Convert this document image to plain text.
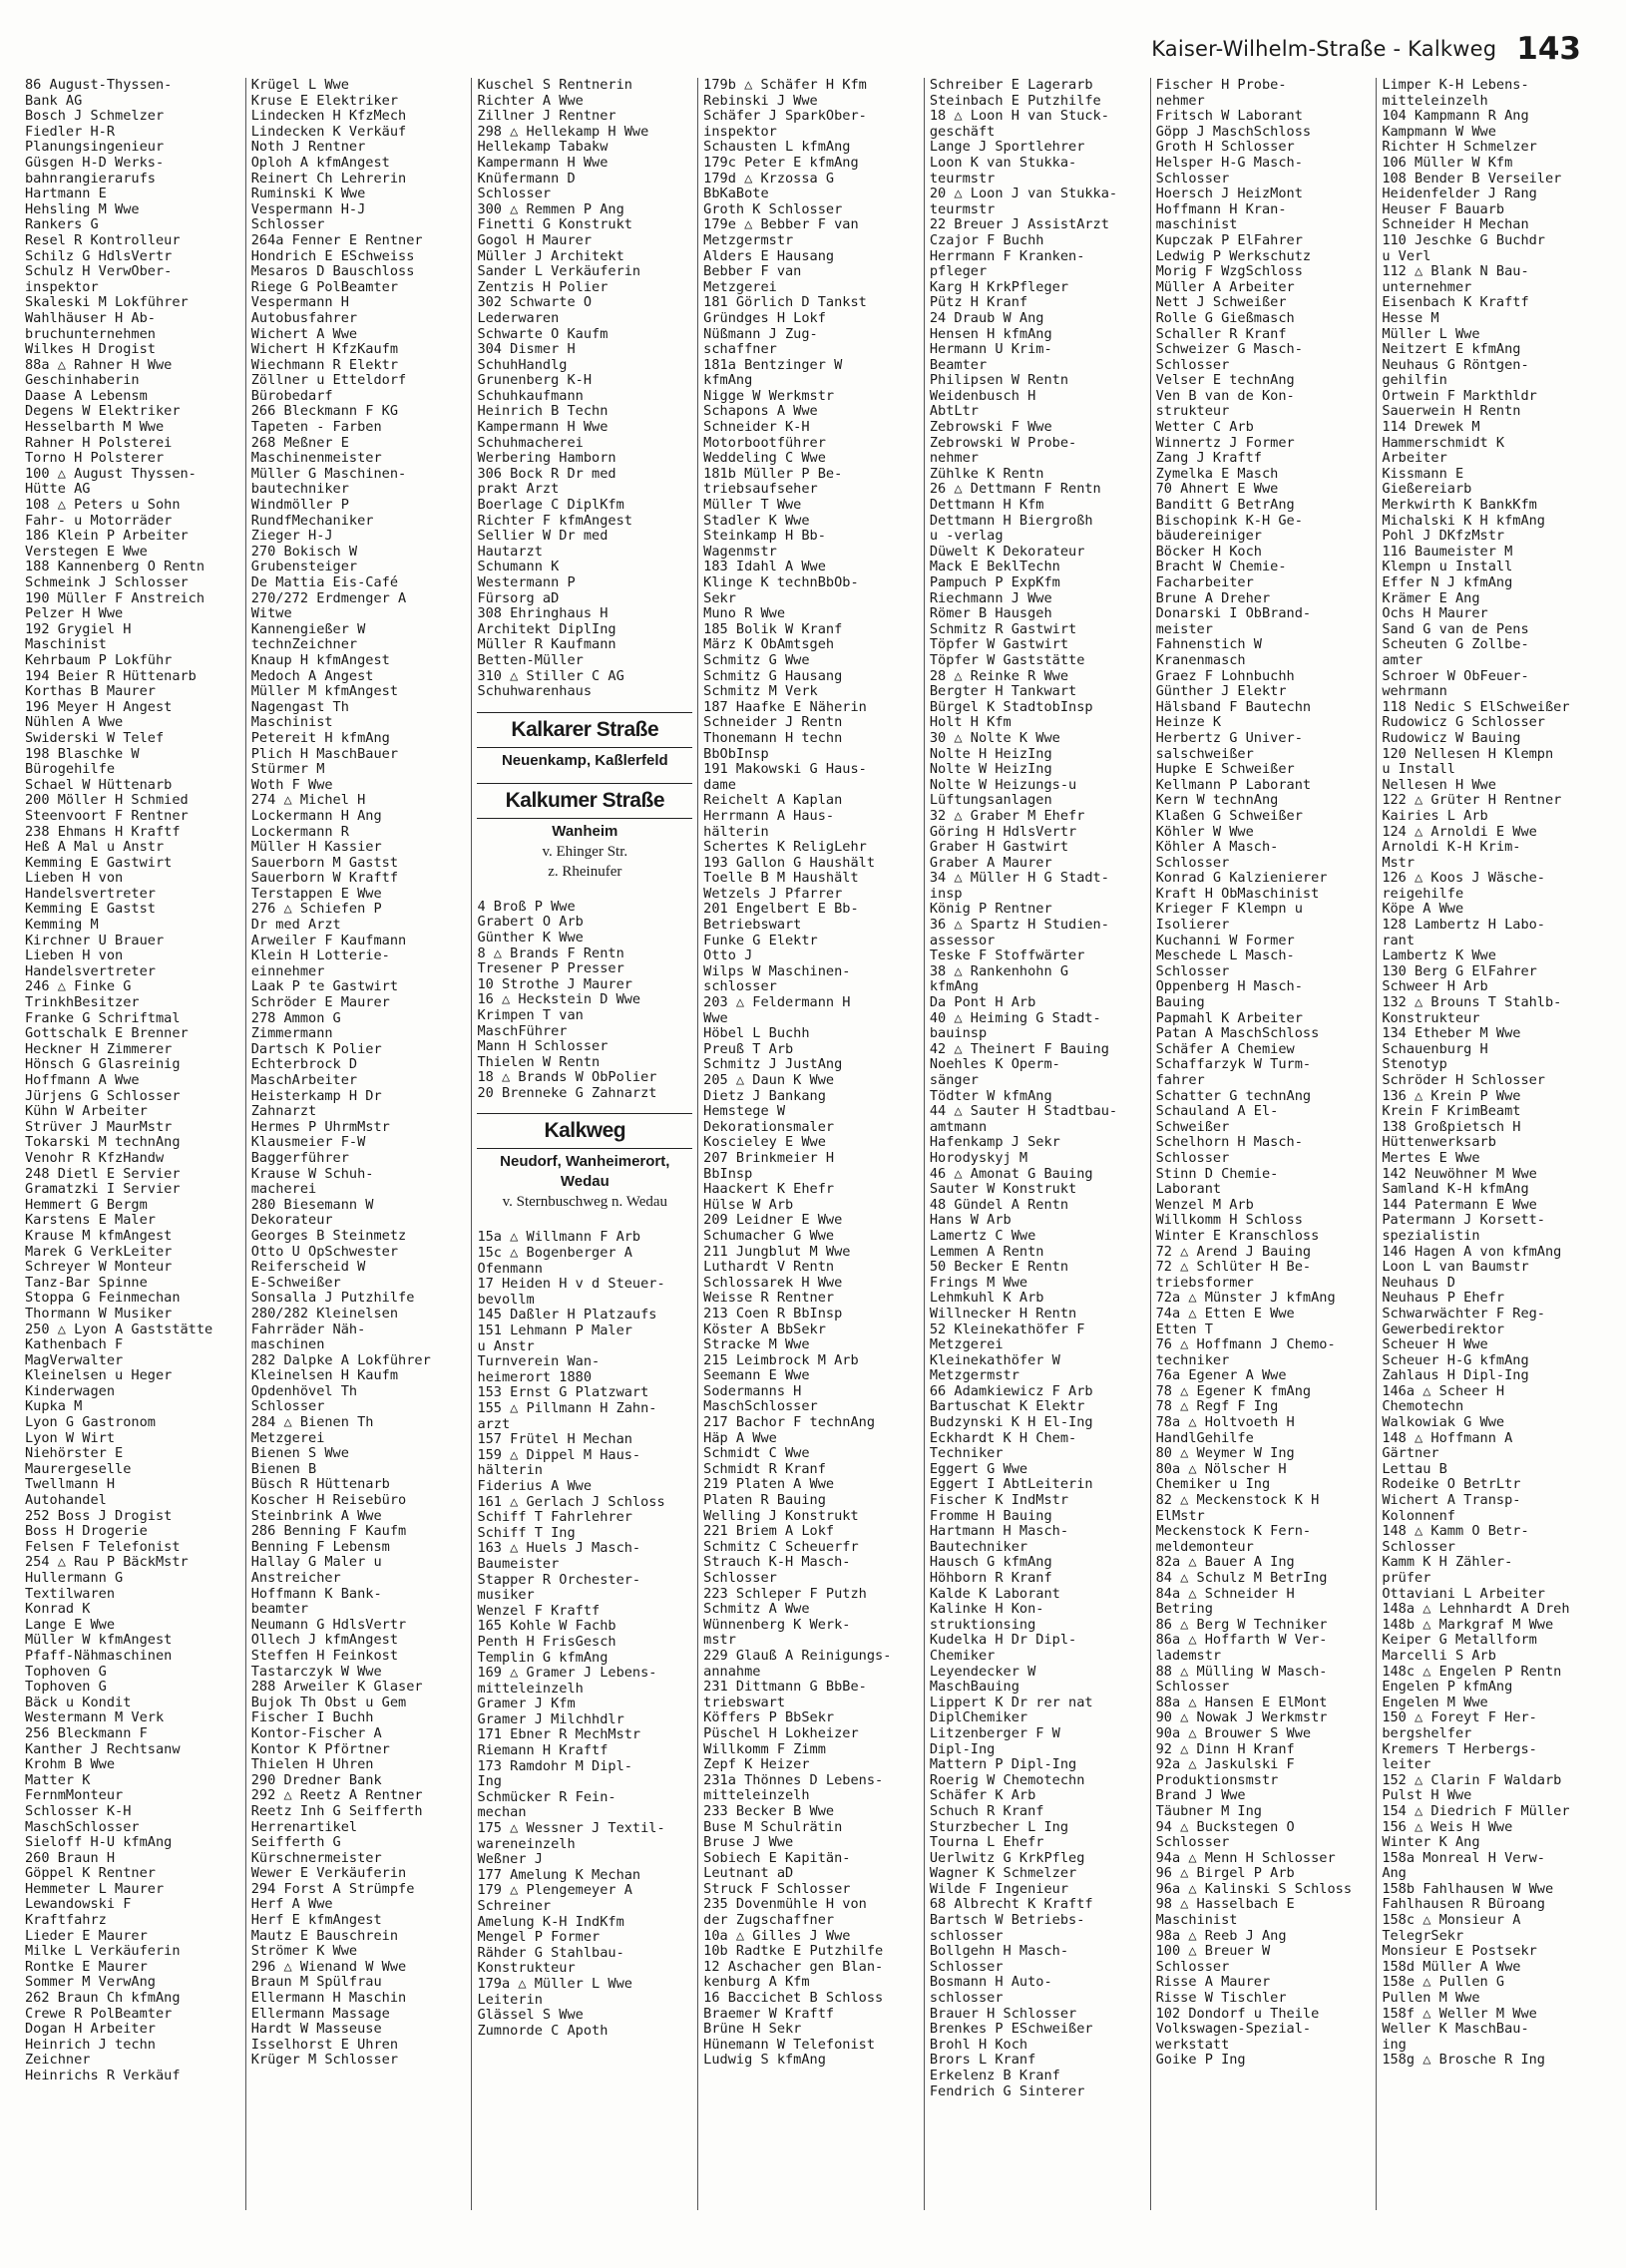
Kaiser-Wilhelm-Straße - Kalkweg 143
86 August-Thyssen-
Bank AG
Bosch J Schmelzer
Fiedler H-R
Planungsingenieur
Güsgen H-D Werks-
bahnrangierarufs
Hartmann E
Hehsling M Wwe
Rankers G
Resel R Kontrolleur
Schilz G HdlsVertr
Schulz H VerwOber-
inspektor
Skaleski M Lokführer
Wahlhäuser H Ab-
bruchunternehmen
Wilkes H Drogist
88a △ Rahner H Wwe
Geschinhaberin
Daase A Lebensm
Degens W Elektriker
Hesselbarth M Wwe
Rahner H Polsterei
Torno H Polsterer
100 △ August Thyssen-
Hütte AG
108 △ Peters u Sohn
Fahr- u Motorräder
186 Klein P Arbeiter
Verstegen E Wwe
188 Kannenberg O Rentn
Schmeink J Schlosser
190 Müller F Anstreich
Pelzer H Wwe
192 Grygiel H
Maschinist
Kehrbaum P Lokführ
194 Beier R Hüttenarb
Korthas B Maurer
196 Meyer H Angest
Nühlen A Wwe
Swiderski W Telef
198 Blaschke W
Bürogehilfe
Schael W Hüttenarb
200 Möller H Schmied
Steenvoort F Rentner
238 Ehmans H Kraftf
Heß A Mal u Anstr
Kemming E Gastwirt
Lieben H von
Handelsvertreter
Kemming E Gastst
Kemming M
Kirchner U Brauer
Lieben H von
Handelsvertreter
246 △ Finke G
TrinkhBesitzer
Franke G Schriftmal
Gottschalk E Brenner
Heckner H Zimmerer
Hönsch G Glasreinig
Hoffmann A Wwe
Jürjens G Schlosser
Kühn W Arbeiter
Strüver J MaurMstr
Tokarski M technAng
Venohr R KfzHandw
248 Dietl E Servier
Gramatzki I Servier
Hemmert G Bergm
Karstens E Maler
Krause M kfmAngest
Marek G VerkLeiter
Schreyer W Monteur
Tanz-Bar Spinne
Stoppa G Feinmechan
Thormann W Musiker
250 △ Lyon A Gaststätte
Kathenbach F
MagVerwalter
Kleinelsen u Heger
Kinderwagen
Kupka M
Lyon G Gastronom
Lyon W Wirt
Niehörster E
Maurergeselle
Twellmann H
Autohandel
252 Boss J Drogist
Boss H Drogerie
Felsen F Telefonist
254 △ Rau P BäckMstr
Hullermann G
Textilwaren
Konrad K
Lange E Wwe
Müller W kfmAngest
Pfaff-Nähmaschinen
Tophoven G
Tophoven G
Bäck u Kondit
Westermann M Verk
256 Bleckmann F
Kanther J Rechtsanw
Krohm B Wwe
Matter K
FernmMonteur
Schlosser K-H
MaschSchlosser
Sieloff H-U kfmAng
260 Braun H
Göppel K Rentner
Hemmeter L Maurer
Lewandowski F
Kraftfahrz
Lieder E Maurer
Milke L Verkäuferin
Rontke E Maurer
Sommer M VerwAng
262 Braun Ch kfmAng
Crewe R PolBeamter
Dogan H Arbeiter
Heinrich J techn
Zeichner
Heinrichs R Verkäuf
Krügel L Wwe
Kruse E Elektriker
Lindecken H KfzMech
Lindecken K Verkäuf
Noth J Rentner
Oploh A kfmAngest
Reinert Ch Lehrerin
Ruminski K Wwe
Vespermann H-J
Schlosser
264a Fenner E Rentner
Hondrich E ESchweiss
Mesaros D Bauschloss
Riege G PolBeamter
Vespermann H
Autobusfahrer
Wichert A Wwe
Wichert H KfzKaufm
Wiechmann R Elektr
Zöllner u Etteldorf
Bürobedarf
266 Bleckmann F KG
Tapeten - Farben
268 Meßner E
Maschinenmeister
Müller G Maschinen-
bautechniker
Windmöller P
RundfMechaniker
Zieger H-J
270 Bokisch W
Grubensteiger
De Mattia Eis-Café
270/272 Erdmenger A
Witwe
Kannengießer W
technZeichner
Knaup H kfmAngest
Medoch A Angest
Müller M kfmAngest
Nagengast Th
Maschinist
Petereit H kfmAng
Plich H MaschBauer
Stürmer M
Woth F Wwe
274 △ Michel H
Lockermann H Ang
Lockermann R
Müller H Kassier
Sauerborn M Gastst
Sauerborn W Kraftf
Terstappen E Wwe
276 △ Schiefen P
Dr med Arzt
Arweiler F Kaufmann
Klein H Lotterie-
einnehmer
Laak P te Gastwirt
Schröder E Maurer
278 Ammon G
Zimmermann
Dartsch K Polier
Echterbrock D
MaschArbeiter
Heisterkamp H Dr
Zahnarzt
Hermes P UhrmMstr
Klausmeier F-W
Baggerführer
Krause W Schuh-
macherei
280 Biesemann W
Dekorateur
Georges B Steinmetz
Otto U OpSchwester
Reiferscheid W
E-Schweißer
Sonsalla J Putzhilfe
280/282 Kleinelsen
Fahrräder Näh-
maschinen
282 Dalpke A Lokführer
Kleinelsen H Kaufm
Opdenhövel Th
Schlosser
284 △ Bienen Th
Metzgerei
Bienen S Wwe
Bienen B
Büsch R Hüttenarb
Koscher H Reisebüro
Steinbrink A Wwe
286 Benning F Kaufm
Benning F Lebensm
Hallay G Maler u
Anstreicher
Hoffmann K Bank-
beamter
Neumann G HdlsVertr
Ollech J kfmAngest
Steffen H Feinkost
Tastarczyk W Wwe
288 Arweiler K Glaser
Bujok Th Obst u Gem
Fischer I Buchh
Kontor-Fischer A
Kontor K Pförtner
Thielen H Uhren
290 Dredner Bank
292 △ Reetz A Rentner
Reetz Inh G Seifferth
Herrenartikel
Seifferth G
Kürschnermeister
Wewer E Verkäuferin
294 Forst A Strümpfe
Herf A Wwe
Herf E kfmAngest
Mautz E Bauschrein
Strömer K Wwe
296 △ Wienand W Wwe
Braun M Spülfrau
Ellermann H Maschin
Ellermann Massage
Hardt W Masseuse
Isselhorst E Uhren
Krüger M Schlosser
Kuschel S Rentnerin
Richter A Wwe
Zillner J Rentner
298 △ Hellekamp H Wwe
Hellekamp Tabakw
Kampermann H Wwe
Knüfermann D
Schlosser
300 △ Remmen P Ang
Finetti G Konstrukt
Gogol H Maurer
Müller J Architekt
Sander L Verkäuferin
Zentzis H Polier
302 Schwarte O
Lederwaren
Schwarte O Kaufm
304 Dismer H
SchuhHandlg
Grunenberg K-H
Schuhkaufmann
Heinrich B Techn
Kampermann H Wwe
Schuhmacherei
Werbering Hamborn
306 Bock R Dr med
prakt Arzt
Boerlage C DiplKfm
Richter F kfmAngest
Sellier W Dr med
Hautarzt
Schumann K
Westermann P
Fürsorg aD
308 Ehringhaus H
Architekt DiplIng
Müller R Kaufmann
Betten-Müller
310 △ Stiller C AG
Schuhwarenhaus
Kalkarer Straße
Neuenkamp, Kaßlerfeld
Kalkumer Straße
Wanheim
v. Ehinger Str.
z. Rheinufer
4 Broß P Wwe
Grabert O Arb
Günther K Wwe
8 △ Brands F Rentn
Tresener P Presser
10 Strothe J Maurer
16 △ Heckstein D Wwe
Krimpen T van
MaschFührer
Mann H Schlosser
Thielen W Rentn
18 △ Brands W ObPolier
20 Brenneke G Zahnarzt
Kalkweg
Neudorf, Wanheimerort,
Wedau
v. Sternbuschweg n. Wedau
15a △ Willmann F Arb
15c △ Bogenberger A
Ofenmann
17 Heiden H v d Steuer-
bevollm
145 Daßler H Platzaufs
151 Lehmann P Maler
u Anstr
Turnverein Wan-
heimerort 1880
153 Ernst G Platzwart
155 △ Pillmann H Zahn-
arzt
157 Frütel H Mechan
159 △ Dippel M Haus-
hälterin
Fiderius A Wwe
161 △ Gerlach J Schloss
Schiff T Fahrlehrer
Schiff T Ing
163 △ Huels J Masch-
Baumeister
Stapper R Orchester-
musiker
Wenzel F Kraftf
165 Kohle W Fachb
Penth H FrisGesch
Templin G kfmAng
169 △ Gramer J Lebens-
mitteleinzelh
Gramer J Kfm
Gramer J Milchhdlr
171 Ebner R MechMstr
Riemann H Kraftf
173 Ramdohr M Dipl-
Ing
Schmücker R Fein-
mechan
175 △ Wessner J Textil-
wareneinzelh
Weßner J
177 Amelung K Mechan
179 △ Plengemeyer A
Schreiner
Amelung K-H IndKfm
Mengel P Former
Rähder G Stahlbau-
Konstrukteur
179a △ Müller L Wwe
Leiterin
Glässel S Wwe
Zumnorde C Apoth
179b △ Schäfer H Kfm
Rebinski J Wwe
Schäfer J SparkOber-
inspektor
Schausten L kfmAng
179c Peter E kfmAng
179d △ Krzossa G
BbKaBote
Groth K Schlosser
179e △ Bebber F van
Metzgermstr
Alders E Hausang
Bebber F van
Metzgerei
181 Görlich D Tankst
Gründges H Lokf
Nüßmann J Zug-
schaffner
181a Bentzinger W
kfmAng
Nigge W Werkmstr
Schapons A Wwe
Schneider K-H
Motorbootführer
Weddeling C Wwe
181b Müller P Be-
triebsaufseher
Müller T Wwe
Stadler K Wwe
Steinkamp H Bb-
Wagenmstr
183 Idahl A Wwe
Klinge K technBbOb-
Sekr
Muno R Wwe
185 Bolik W Kranf
März K ObAmtsgeh
Schmitz G Wwe
Schmitz G Hausang
Schmitz M Verk
187 Haafke E Näherin
Schneider J Rentn
Thonemann H techn
BbObInsp
191 Makowski G Haus-
dame
Reichelt A Kaplan
Herrmann A Haus-
hälterin
Schertes K ReligLehr
193 Gallon G Haushält
Toelle B M Haushält
Wetzels J Pfarrer
201 Engelbert E Bb-
Betriebswart
Funke G Elektr
Otto J
Wilps W Maschinen-
schlosser
203 △ Feldermann H
Wwe
Höbel L Buchh
Preuß T Arb
Schmitz J JustAng
205 △ Daun K Wwe
Dietz J Bankang
Hemstege W
Dekorationsmaler
Koscieley E Wwe
207 Brinkmeier H
BbInsp
Haackert K Ehefr
Hülse W Arb
209 Leidner E Wwe
Schumacher G Wwe
211 Jungblut M Wwe
Luthardt V Rentn
Schlossarek H Wwe
Weisse R Rentner
213 Coen R BbInsp
Köster A BbSekr
Stracke M Wwe
215 Leimbrock M Arb
Seemann E Wwe
Sodermanns H
MaschSchlosser
217 Bachor F technAng
Häp A Wwe
Schmidt C Wwe
Schmidt R Kranf
219 Platen A Wwe
Platen R Bauing
Welling J Konstrukt
221 Briem A Lokf
Schmitz C Scheuerfr
Strauch K-H Masch-
Schlosser
223 Schleper F Putzh
Schmitz A Wwe
Wünnenberg K Werk-
mstr
229 Glauß A Reinigungs-
annahme
231 Dittmann G BbBe-
triebswart
Köffers P BbSekr
Püschel H Lokheizer
Willkomm F Zimm
Zepf K Heizer
231a Thönnes D Lebens-
mitteleinzelh
233 Becker B Wwe
Buse M Schulrätin
Bruse J Wwe
Sobiech E Kapitän-
Leutnant aD
Struck F Schlosser
235 Dovenmühle H von
der Zugschaffner
10a △ Gilles J Wwe
10b Radtke E Putzhilfe
12 Aschacher gen Blan-
kenburg A Kfm
16 Baccichet B Schloss
Braemer W Kraftf
Brüne H Sekr
Hünemann W Telefonist
Ludwig S kfmAng
Schreiber E Lagerarb
Steinbach E Putzhilfe
18 △ Loon H van Stuck-
geschäft
Lange J Sportlehrer
Loon K van Stukka-
teurmstr
20 △ Loon J van Stukka-
teurmstr
22 Breuer J AssistArzt
Czajor F Buchh
Herrmann F Kranken-
pfleger
Karg H KrkPfleger
Pütz H Kranf
24 Draub W Ang
Hensen H kfmAng
Hermann U Krim-
Beamter
Philipsen W Rentn
Weidenbusch H
AbtLtr
Zebrowski F Wwe
Zebrowski W Probe-
nehmer
Zühlke K Rentn
26 △ Dettmann F Rentn
Dettmann H Kfm
Dettmann H Biergroßh
u -verlag
Düwelt K Dekorateur
Mack E BeklTechn
Pampuch P ExpKfm
Riechmann J Wwe
Römer B Hausgeh
Schmitz R Gastwirt
Töpfer W Gastwirt
Töpfer W Gaststätte
28 △ Reinke R Wwe
Bergter H Tankwart
Bürgel K StadtobInsp
Holt H Kfm
30 △ Nolte K Wwe
Nolte H HeizIng
Nolte W HeizIng
Nolte W Heizungs-u
Lüftungsanlagen
32 △ Graber M Ehefr
Göring H HdlsVertr
Graber H Gastwirt
Graber A Maurer
34 △ Müller H G Stadt-
insp
König P Rentner
36 △ Spartz H Studien-
assessor
Teske F Stoffwärter
38 △ Rankenhohn G
kfmAng
Da Pont H Arb
40 △ Heiming G Stadt-
bauinsp
42 △ Theinert F Bauing
Noehles K Operm-
sänger
Tödter W kfmAng
44 △ Sauter H Stadtbau-
amtmann
Hafenkamp J Sekr
Horodyskyj M
46 △ Amonat G Bauing
Sauter W Konstrukt
48 Gündel A Rentn
Hans W Arb
Lamertz C Wwe
Lemmen A Rentn
50 Becker E Rentn
Frings M Wwe
Lehmkuhl K Arb
Willnecker H Rentn
52 Kleinekathöfer F
Metzgerei
Kleinekathöfer W
Metzgermstr
66 Adamkiewicz F Arb
Bartuschat K Elektr
Budzynski K H El-Ing
Eckhardt K H Chem-
Techniker
Eggert G Wwe
Eggert I AbtLeiterin
Fischer K IndMstr
Fromme H Bauing
Hartmann H Masch-
Bautechniker
Hausch G kfmAng
Höhborn R Kranf
Kalde K Laborant
Kalinke H Kon-
struktionsing
Kudelka H Dr Dipl-
Chemiker
Leyendecker W
MaschBauing
Lippert K Dr rer nat
DiplChemiker
Litzenberger F W
Dipl-Ing
Mattern P Dipl-Ing
Roerig W Chemotechn
Schäfer K Arb
Schuch R Kranf
Sturzbecher L Ing
Tourna L Ehefr
Uerlwitz G KrkPfleg
Wagner K Schmelzer
Wilde F Ingenieur
68 Albrecht K Kraftf
Bartsch W Betriebs-
schlosser
Bollgehn H Masch-
Schlosser
Bosmann H Auto-
schlosser
Brauer H Schlosser
Brenkes P ESchweißer
Brohl H Koch
Brors L Kranf
Erkelenz B Kranf
Fendrich G Sinterer
Fischer H Probe-
nehmer
Fritsch W Laborant
Göpp J MaschSchloss
Groth H Schlosser
Helsper H-G Masch-
Schlosser
Hoersch J HeizMont
Hoffmann H Kran-
maschinist
Kupczak P ElFahrer
Ledwig P Werkschutz
Morig F WzgSchloss
Müller A Arbeiter
Nett J Schweißer
Rolle G Gießmasch
Schaller R Kranf
Schweizer G Masch-
Schlosser
Velser E technAng
Ven B van de Kon-
strukteur
Wetter C Arb
Winnertz J Former
Zang J Kraftf
Zymelka E Masch
70 Ahnert E Wwe
Banditt G BetrAng
Bischopink K-H Ge-
bäudereiniger
Böcker H Koch
Bracht W Chemie-
Facharbeiter
Brune A Dreher
Donarski I ObBrand-
meister
Fahnenstich W
Kranenmasch
Graez F Lohnbuchh
Günther J Elektr
Hälsband F Bautechn
Heinze K
Herbertz G Univer-
salschweißer
Hupke E Schweißer
Kellmann P Laborant
Kern W technAng
Klaßen G Schweißer
Köhler W Wwe
Köhler A Masch-
Schlosser
Konrad G Kalzienierer
Kraft H ObMaschinist
Krieger F Klempn u
Isolierer
Kuchanni W Former
Meschede L Masch-
Schlosser
Oppenberg H Masch-
Bauing
Papmahl K Arbeiter
Patan A MaschSchloss
Schäfer A Chemiew
Schaffarzyk W Turm-
fahrer
Schatter G technAng
Schauland A El-
Schweißer
Schelhorn H Masch-
Schlosser
Stinn D Chemie-
Laborant
Wenzel M Arb
Willkomm H Schloss
Winter E Kranschloss
72 △ Arend J Bauing
72 △ Schlüter H Be-
triebsformer
72a △ Münster J kfmAng
74a △ Etten E Wwe
Etten T
76 △ Hoffmann J Chemo-
techniker
76a Egener A Wwe
78 △ Egener K fmAng
78 △ Regf F Ing
78a △ Holtvoeth H
HandlGehilfe
80 △ Weymer W Ing
80a △ Nölscher H
Chemiker u Ing
82 △ Meckenstock K H
ElMstr
Meckenstock K Fern-
meldemonteur
82a △ Bauer A Ing
84 △ Schulz M BetrIng
84a △ Schneider H
Betring
86 △ Berg W Techniker
86a △ Hoffarth W Ver-
lademstr
88 △ Mülling W Masch-
Schlosser
88a △ Hansen E ElMont
90 △ Nowak J Werkmstr
90a △ Brouwer S Wwe
92 △ Dinn H Kranf
92a △ Jaskulski F
Produktionsmstr
Brand J Wwe
Täubner M Ing
94 △ Buckstegen O
Schlosser
94a △ Menn H Schlosser
96 △ Birgel P Arb
96a △ Kalinski S Schloss
98 △ Hasselbach E
Maschinist
98a △ Reeb J Ang
100 △ Breuer W
Schlosser
Risse A Maurer
Risse W Tischler
102 Dondorf u Theile
Volkswagen-Spezial-
werkstatt
Goike P Ing
Limper K-H Lebens-
mitteleinzelh
104 Kampmann R Ang
Kampmann W Wwe
Richter H Schmelzer
106 Müller W Kfm
108 Bender B Verseiler
Heidenfelder J Rang
Heuser F Bauarb
Schneider H Mechan
110 Jeschke G Buchdr
u Verl
112 △ Blank N Bau-
unternehmer
Eisenbach K Kraftf
Hesse M
Müller L Wwe
Neitzert E kfmAng
Neuhaus G Röntgen-
gehilfin
Ortwein F Markthldr
Sauerwein H Rentn
114 Drewek M
Hammerschmidt K
Arbeiter
Kissmann E
Gießereiarb
Merkwirth K BankKfm
Michalski K H kfmAng
Pohl J DKfzMstr
116 Baumeister M
Klempn u Install
Effer N J kfmAng
Krämer E Ang
Ochs H Maurer
Sand G van de Pens
Scheuten G Zollbe-
amter
Schroer W ObFeuer-
wehrmann
118 Nedic S ElSchweißer
Rudowicz G Schlosser
Rudowicz W Bauing
120 Nellesen H Klempn
u Install
Nellesen H Wwe
122 △ Grüter H Rentner
Kairies L Arb
124 △ Arnoldi E Wwe
Arnoldi K-H Krim-
Mstr
126 △ Koos J Wäsche-
reigehilfe
Köpe A Wwe
128 Lambertz H Labo-
rant
Lambertz K Wwe
130 Berg G ElFahrer
Schweer H Arb
132 △ Brouns T Stahlb-
Konstrukteur
134 Etheber M Wwe
Schauenburg H
Stenotyp
Schröder H Schlosser
136 △ Krein P Wwe
Krein F KrimBeamt
138 Großpietsch H
Hüttenwerksarb
Mertes E Wwe
142 Neuwöhner M Wwe
Samland K-H kfmAng
144 Patermann E Wwe
Patermann J Korsett-
spezialistin
146 Hagen A von kfmAng
Loon L van Baumstr
Neuhaus D
Neuhaus P Ehefr
Schwarwächter F Reg-
Gewerbedirektor
Scheuer H Wwe
Scheuer H-G kfmAng
Zahlaus H Dipl-Ing
146a △ Scheer H
Chemotechn
Walkowiak G Wwe
148 △ Hoffmann A
Gärtner
Lettau B
Rodeike O BetrLtr
Wichert A Transp-
Kolonnenf
148 △ Kamm O Betr-
Schlosser
Kamm K H Zähler-
prüfer
Ottaviani L Arbeiter
148a △ Lehnhardt A Dreh
148b △ Markgraf M Wwe
Keiper G Metallform
Marcelli S Arb
148c △ Engelen P Rentn
Engelen P kfmAng
Engelen M Wwe
150 △ Foreyt F Her-
bergshelfer
Kremers T Herbergs-
leiter
152 △ Clarin F Waldarb
Pulst H Wwe
154 △ Diedrich F Müller
156 △ Weis H Wwe
Winter K Ang
158a Monreal H Verw-
Ang
158b Fahlhausen W Wwe
Fahlhausen R Büroang
158c △ Monsieur A
TelegrSekr
Monsieur E Postsekr
158d Müller A Wwe
158e △ Pullen G
Pullen M Wwe
158f △ Weller M Wwe
Weller K MaschBau-
ing
158g △ Brosche R Ing
